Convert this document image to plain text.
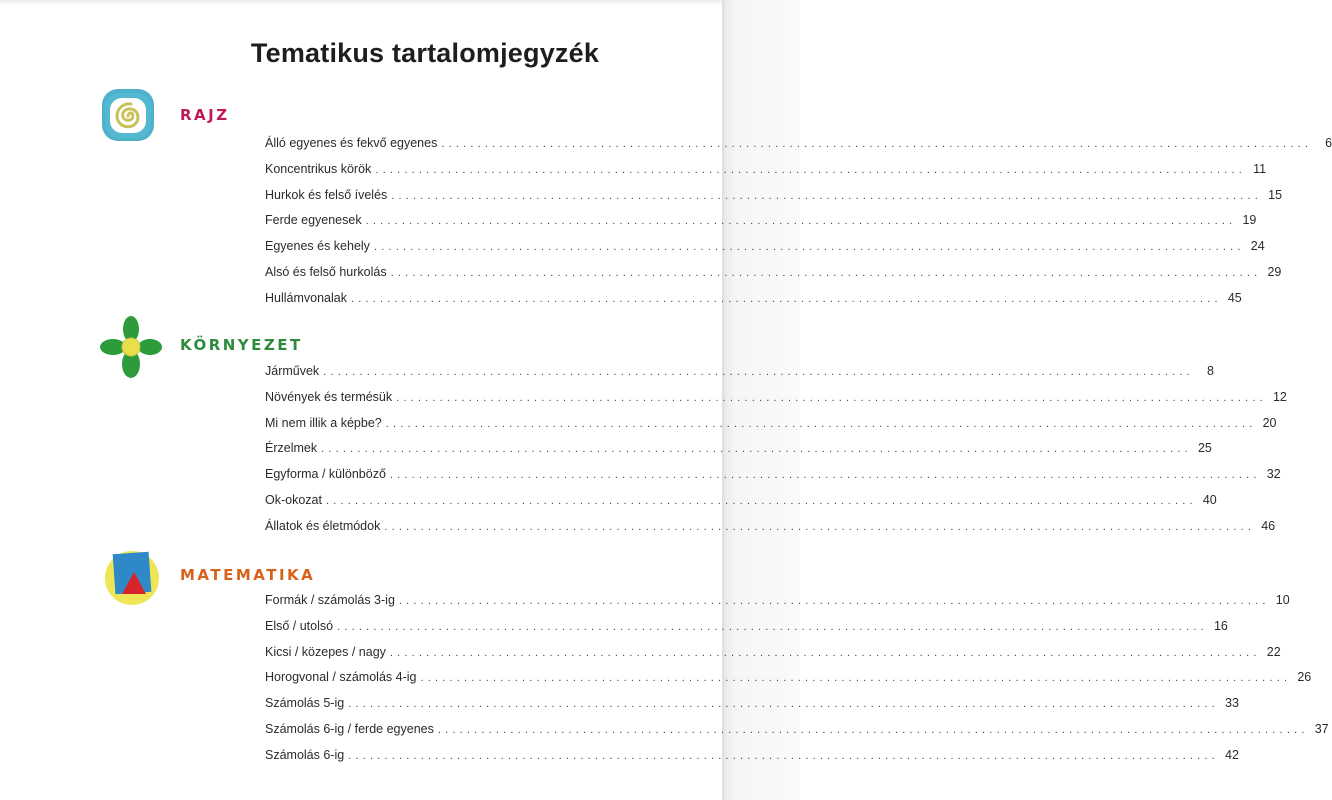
Tematikus tartalomjegyzék
RAJZ
Álló egyenes és fekvő egyenes ........................................................................................................................	6
Koncentrikus körök ........................................................................................................................ 11
Hurkok és felső ívelés ........................................................................................................................ 15
Ferde egyenesek ........................................................................................................................ 19
Egyenes és kehely ........................................................................................................................ 24
Alsó és felső hurkolás ........................................................................................................................ 29
Hullámvonalak ........................................................................................................................ 45
KÖRNYEZET
Járművek ........................................................................................................................	8
Növények és termésük ........................................................................................................................ 12
Mi nem illik a képbe? ........................................................................................................................ 20
Érzelmek ........................................................................................................................ 25
Egyforma / különböző ........................................................................................................................ 32
Ok-okozat ........................................................................................................................ 40
Állatok és életmódok ........................................................................................................................ 46
MATEMATIKA
Formák / számolás 3-ig ........................................................................................................................ 10
Első / utolsó ........................................................................................................................ 16
Kicsi / közepes / nagy ........................................................................................................................ 22
Horogvonal / számolás 4-ig ........................................................................................................................ 26
Számolás 5-ig ........................................................................................................................ 33
Számolás 6-ig / ferde egyenes ........................................................................................................................ 37
Számolás 6-ig ........................................................................................................................ 42
